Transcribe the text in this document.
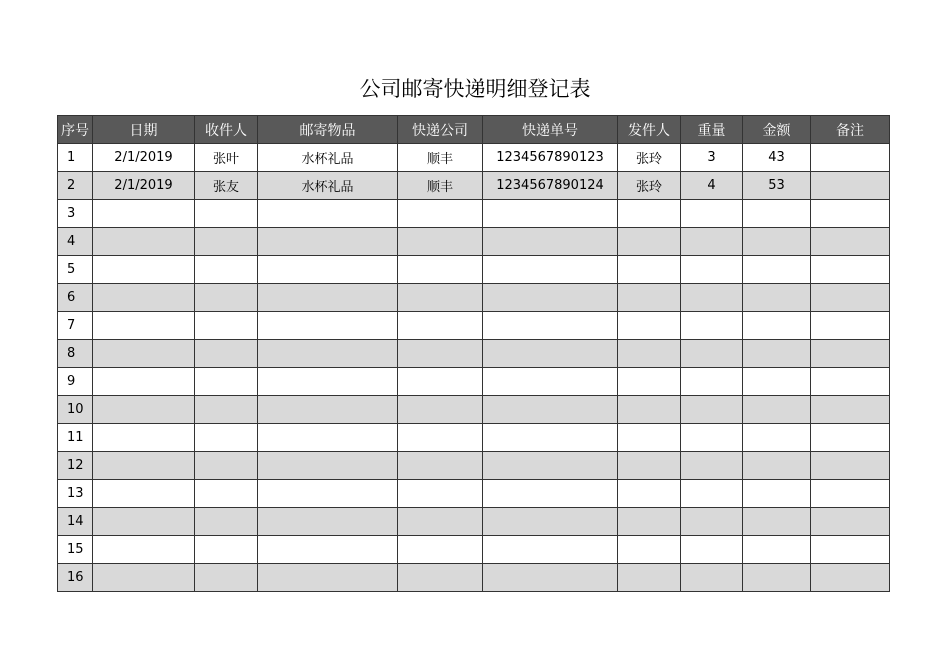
公司邮寄快递明细登记表
序号	日期	收件人	邮寄物品	快递公司	快递单号	发件人	重量	金额	备注
1	2/1/2019	张叶	水杯礼品	顺丰	1234567890123	张玲	3	43	
2	2/1/2019	张友	水杯礼品	顺丰	1234567890124	张玲	4	53	
3									
4									
5									
6									
7									
8									
9									
10									
11									
12									
13									
14									
15									
16									
